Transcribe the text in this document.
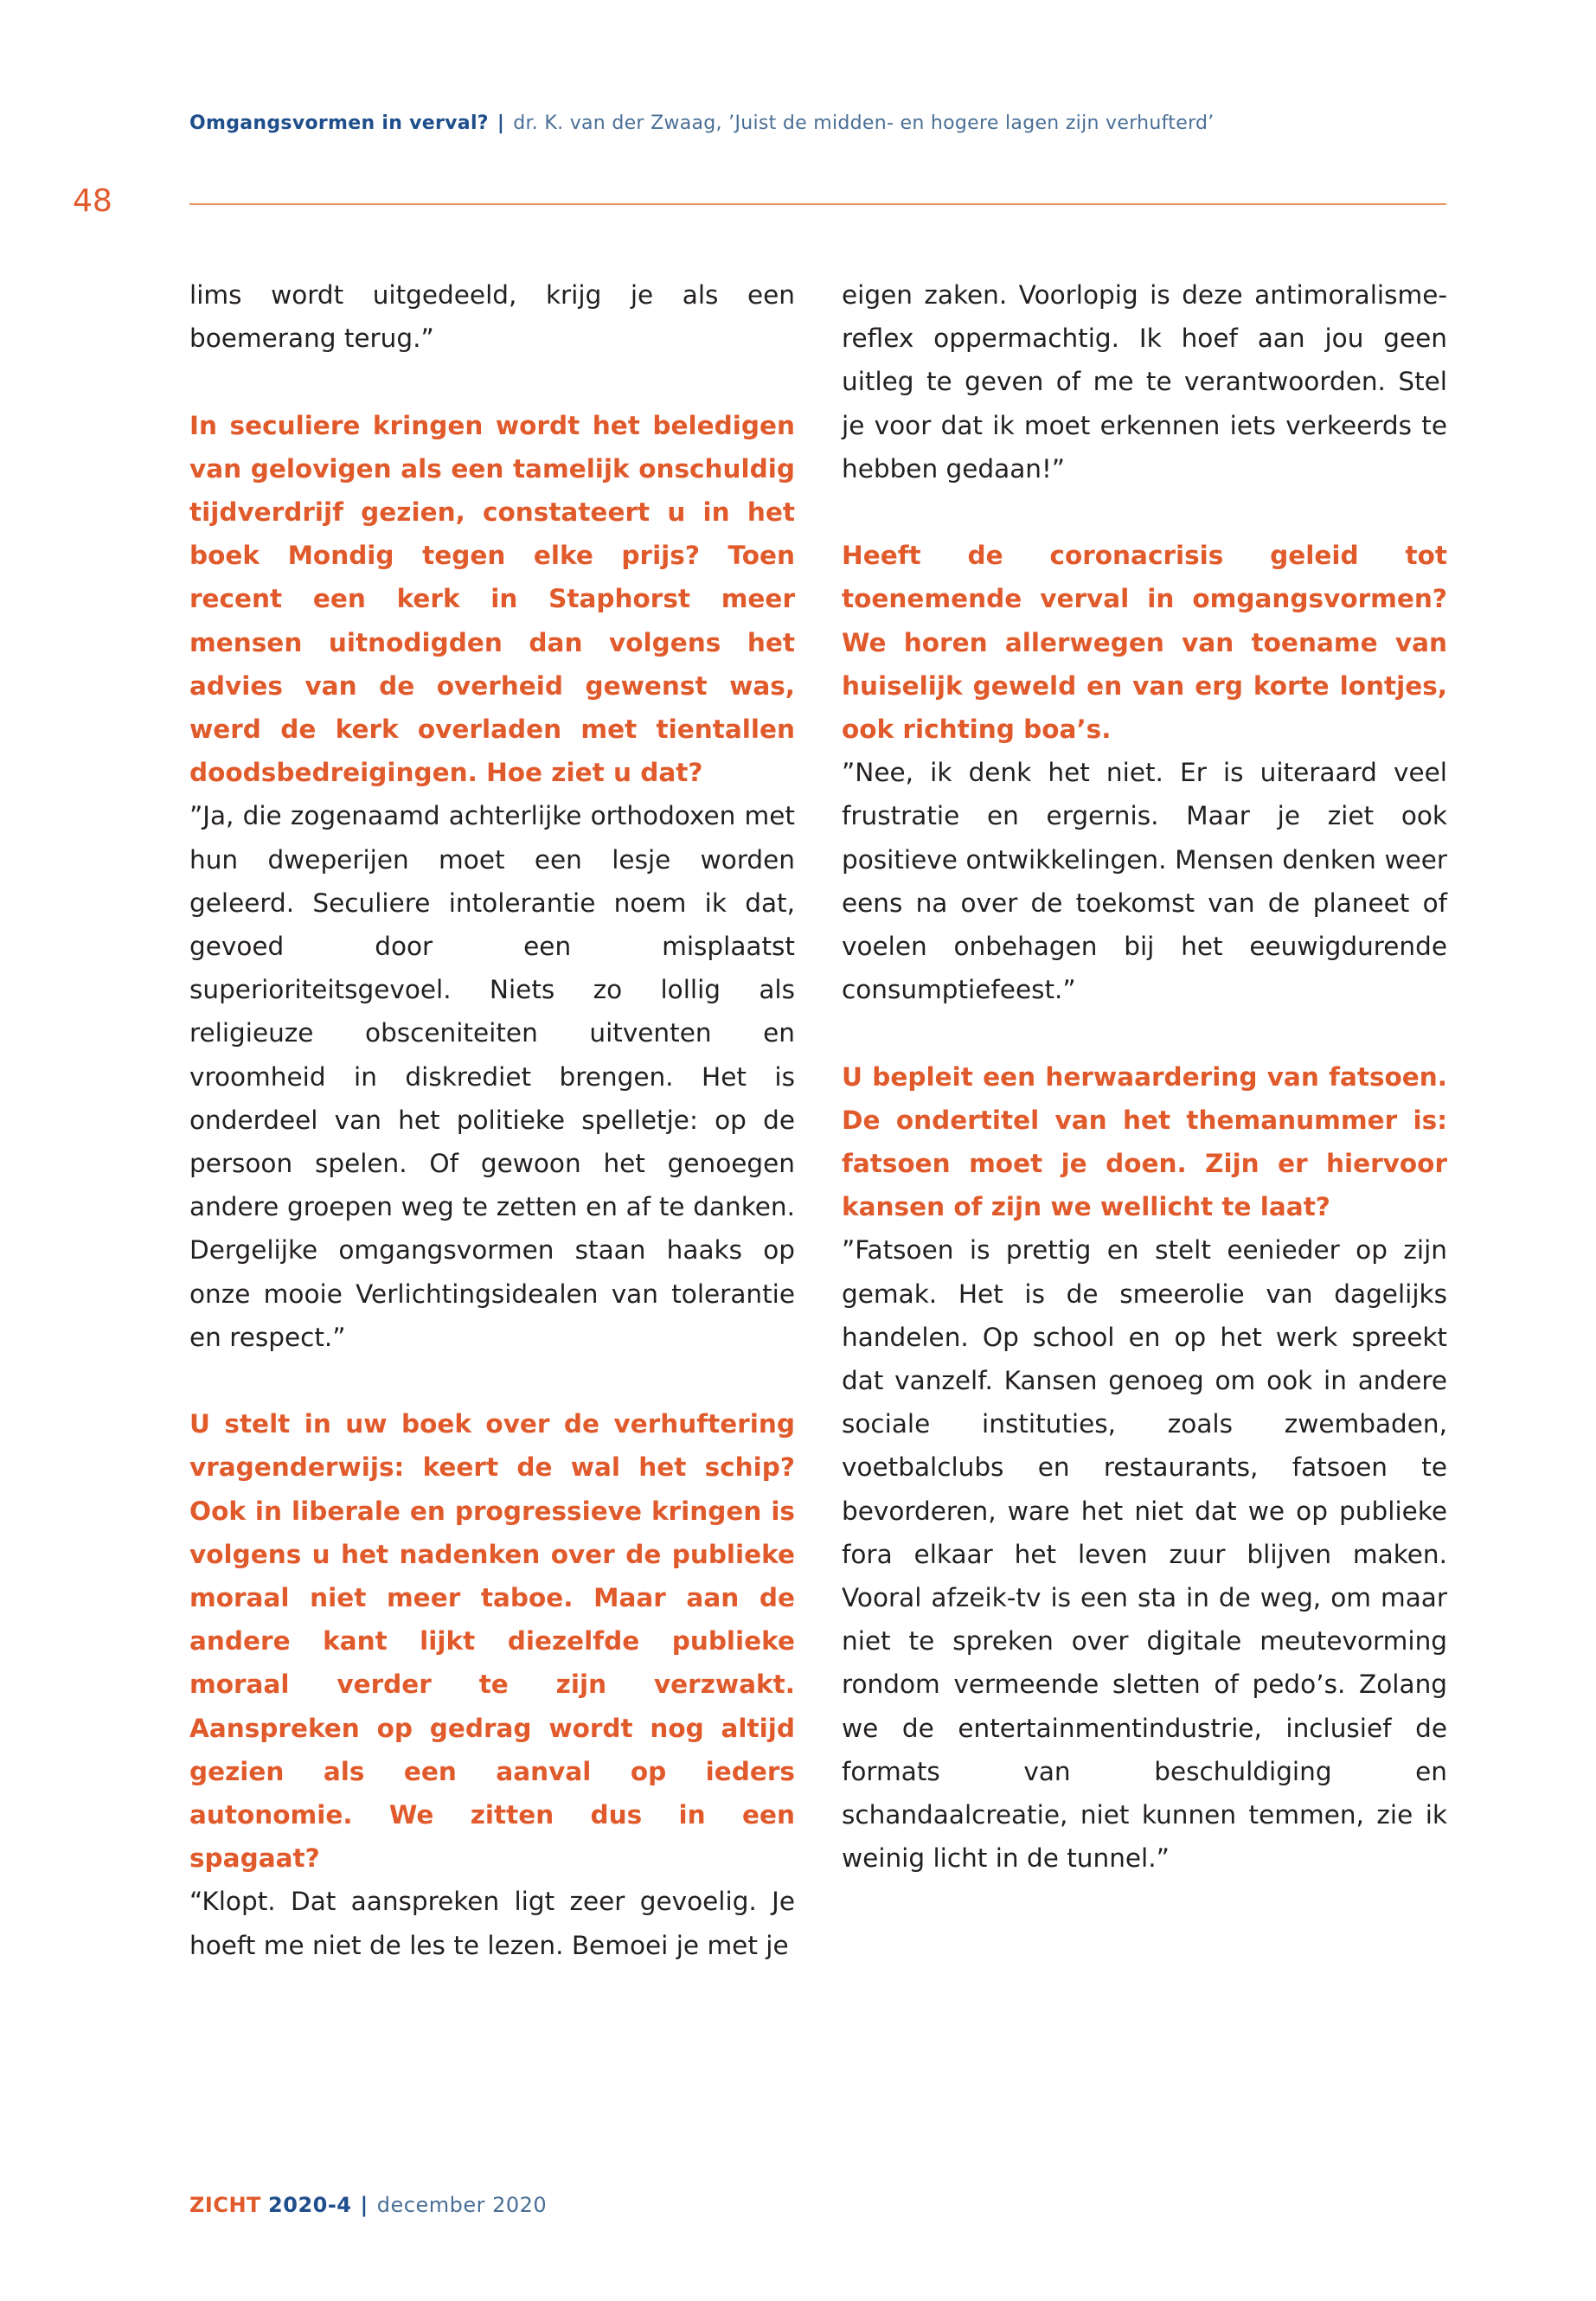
Omgangsvormen in verval? | dr. K. van der Zwaag, ’Juist de midden- en hogere lagen zijn verhufterd’
48

lims wordt uitgedeeld, krijg je als een boemerang terug.”

In seculiere kringen wordt het beledigen van gelovigen als een tamelijk onschuldig tijdverdrijf gezien, constateert u in het boek Mondig tegen elke prijs? Toen recent een kerk in Staphorst meer mensen uitnodigden dan volgens het advies van de overheid gewenst was, werd de kerk overladen met tientallen doodsbedreigingen. Hoe ziet u dat?

”Ja, die zogenaamd achterlijke orthodoxen met hun dweperijen moet een lesje worden geleerd. Seculiere intolerantie noem ik dat, gevoed door een misplaatst superioriteitsgevoel. Niets zo lollig als religieuze obsceniteiten uitventen en vroomheid in diskrediet brengen. Het is onderdeel van het politieke spelletje: op de persoon spelen. Of gewoon het genoegen andere groepen weg te zetten en af te danken. Dergelijke omgangsvormen staan haaks op onze mooie Verlichtingsidealen van tolerantie en respect.”

U stelt in uw boek over de verhuftering vragenderwijs: keert de wal het schip? Ook in liberale en progressieve kringen is volgens u het nadenken over de publieke moraal niet meer taboe. Maar aan de andere kant lijkt diezelfde publieke moraal verder te zijn verzwakt. Aanspreken op gedrag wordt nog altijd gezien als een aanval op ieders autonomie. We zitten dus in een spagaat?

“Klopt. Dat aanspreken ligt zeer gevoelig. Je hoeft me niet de les te lezen. Bemoei je met je

eigen zaken. Voorlopig is deze antimoralisme-reflex oppermachtig. Ik hoef aan jou geen uitleg te geven of me te verantwoorden. Stel je voor dat ik moet erkennen iets verkeerds te hebben gedaan!”

Heeft de coronacrisis geleid tot toenemende verval in omgangsvormen? We horen allerwegen van toename van huiselijk geweld en van erg korte lontjes, ook richting boa’s.

”Nee, ik denk het niet. Er is uiteraard veel frustratie en ergernis. Maar je ziet ook positieve ontwikkelingen. Mensen denken weer eens na over de toekomst van de planeet of voelen onbehagen bij het eeuwigdurende consumptiefeest.”

U bepleit een herwaardering van fatsoen. De ondertitel van het themanummer is: fatsoen moet je doen. Zijn er hiervoor kansen of zijn we wellicht te laat?

”Fatsoen is prettig en stelt eenieder op zijn gemak. Het is de smeerolie van dagelijks handelen. Op school en op het werk spreekt dat vanzelf. Kansen genoeg om ook in andere sociale instituties, zoals zwembaden, voetbalclubs en restaurants, fatsoen te bevorderen, ware het niet dat we op publieke fora elkaar het leven zuur blijven maken. Vooral afzeik-tv is een sta in de weg, om maar niet te spreken over digitale meutevorming rondom vermeende sletten of pedo’s. Zolang we de entertainmentindustrie, inclusief de formats van beschuldiging en schandaalcreatie, niet kunnen temmen, zie ik weinig licht in de tunnel.”

ZICHT 2020-4 | december 2020
